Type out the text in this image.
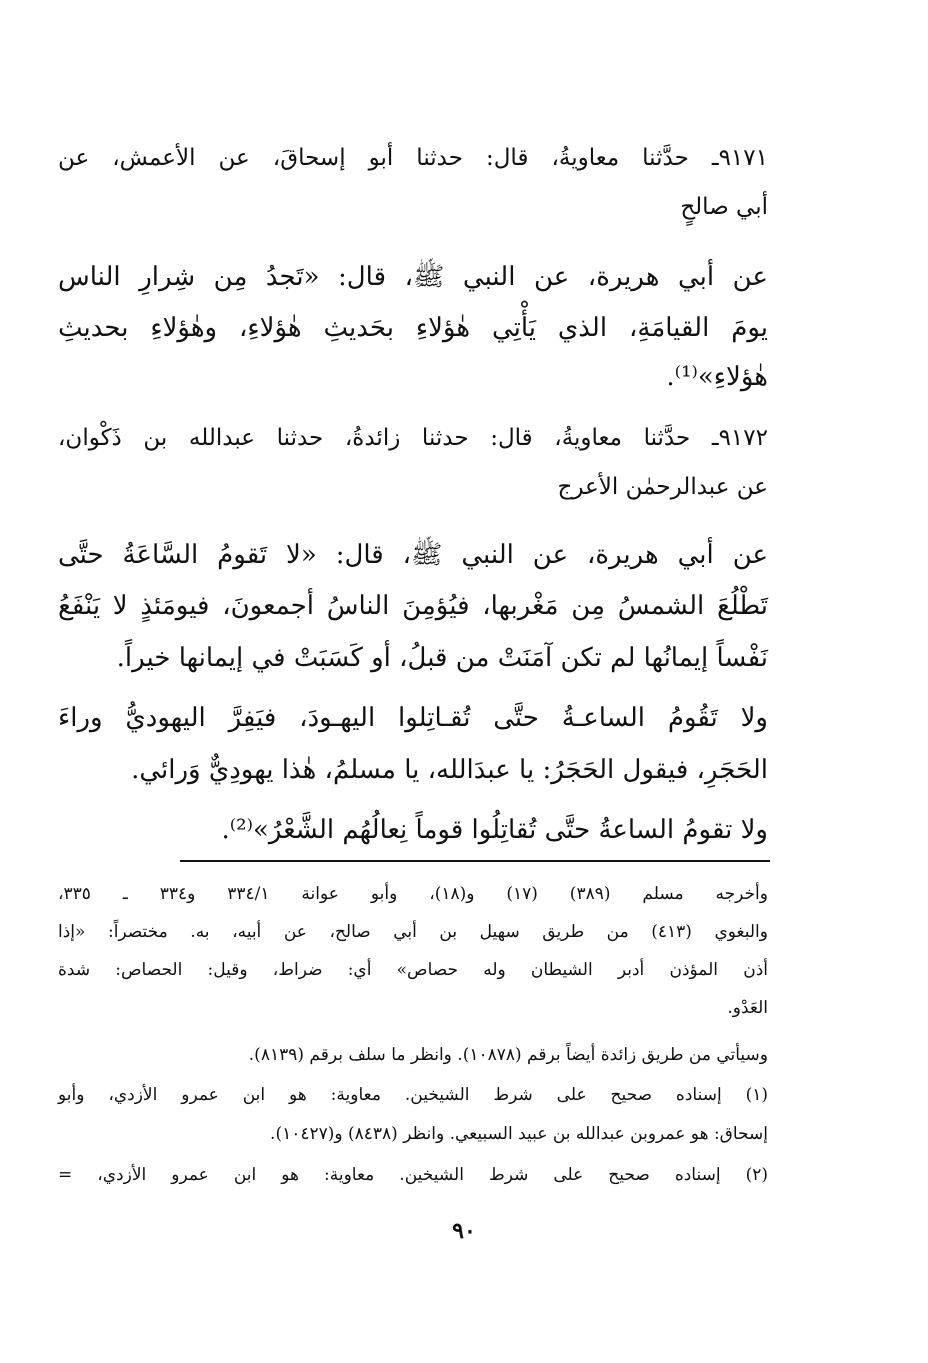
٩١٧١ـ حدَّثنا معاويةُ، قال: حدثنا أبو إسحاقَ، عن الأعمش، عن
أبي صالحٍ
عن أبي هريرة، عن النبي ﷺ، قال: «تَجدُ مِن شِرارِ الناس
يومَ القيامَةِ، الذي يَأْتِي هٰؤلاءِ بحَديثِ هٰؤلاءِ، وهٰؤلاءِ بحديثِ
هٰؤلاءِ»⁽¹⁾.
٩١٧٢ـ حدَّثنا معاويةُ، قال: حدثنا زائدةُ، حدثنا عبدالله بن ذَكْوان،
عن عبدالرحمٰن الأعرج
عن أبي هريرة، عن النبي ﷺ، قال: «لا تَقومُ السَّاعَةُ حتَّى
تَطْلُعَ الشمسُ مِن مَغْربها، فيُؤمِنَ الناسُ أجمعونَ، فيومَئذٍ لا يَنْفَعُ
نَفْساً إيمانُها لم تكن آمَنَتْ من قبلُ، أو كَسَبَتْ في إيمانها خيراً.
ولا تَقُومُ الساعـةُ حتَّى تُقـاتِلوا اليهـودَ، فيَفِرَّ اليهوديُّ وراءَ
الحَجَرِ، فيقول الحَجَرُ: يا عبدَالله، يا مسلمُ، هٰذا يهودِيٌّ وَرائي.
ولا تقومُ الساعةُ حتَّى تُقاتِلُوا قوماً نِعالُهُم الشَّعْرُ»⁽²⁾.
وأخرجه مسلم (٣٨٩) (١٧) و(١٨)، وأبو عوانة ٣٣٤/١ و٣٣٤ ـ ٣٣٥،
والبغوي (٤١٣) من طريق سهيل بن أبي صالح، عن أبيه، به. مختصراً: «إذا
أذن المؤذن أدبر الشيطان وله حصاص» أي: ضراط، وقيل: الحصاص: شدة
العَدْو.
وسيأتي من طريق زائدة أيضاً برقم (١٠٨٧٨). وانظر ما سلف برقم (٨١٣٩).
(١) إسناده صحيح على شرط الشيخين. معاوية: هو ابن عمرو الأزدي، وأبو
إسحاق: هو عمروبن عبدالله بن عبيد السبيعي. وانظر (٨٤٣٨) و(١٠٤٢٧).
(٢) إسناده صحيح على شرط الشيخين. معاوية: هو ابن عمرو الأزدي، =
٩٠
